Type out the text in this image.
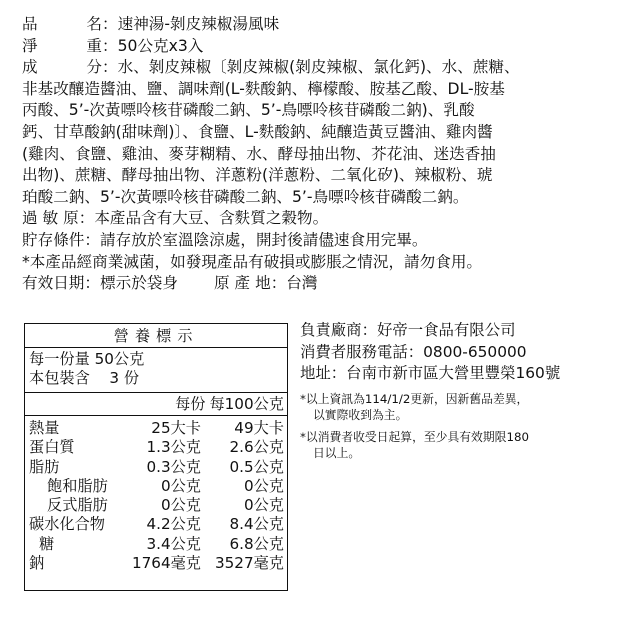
品	名 ： 速神湯-剝皮辣椒湯風味
淨	重 ： 50公克x3入
成	分 ： 水、剝皮辣椒〔剝皮辣椒(剝皮辣椒、氯化鈣)、水、蔗糖、
非基改釀造醬油、鹽、調味劑(L-麩酸鈉、檸檬酸、胺基乙酸、DL-胺基
丙酸、5’-次黃嘌呤核苷磷酸二鈉、5’-鳥嘌呤核苷磷酸二鈉)、乳酸
鈣、甘草酸鈉(甜味劑)〕、食鹽、L-麩酸鈉、純釀造黃豆醬油、雞肉醬
(雞肉、食鹽、雞油、麥芽糊精、水、酵母抽出物、芥花油、迷迭香抽
出物)、蔗糖、酵母抽出物、洋蔥粉(洋蔥粉、二氧化矽)、辣椒粉、琥
珀酸二鈉、5’-次黃嘌呤核苷磷酸二鈉、5’-鳥嘌呤核苷磷酸二鈉。
過 敏 原 ： 本產品含有大豆、含麩質之穀物。
貯存條件 ： 請存放於室溫陰涼處，開封後請儘速食用完畢。
*本產品經商業滅菌，如發現產品有破損或膨脹之情況，請勿食用。
有效日期 ： 標示於袋身 原 產 地 ： 台灣
營養標示
每一份量 50公克
本包裝含 3 份
每份 每100公克
熱量	25大卡	49大卡
蛋白質	1.3公克	2.6公克
脂肪	0.3公克	0.5公克
飽和脂肪	0公克	0公克
反式脂肪	0公克	0公克
碳水化合物	4.2公克	8.4公克
糖	3.4公克	6.8公克
鈉	1764毫克 3527毫克
負責廠商：好帝一食品有限公司
消費者服務電話：0800-650000
地址：台南市新市區大營里豐榮160號
*以上資訊為114/1/2更新，因新舊品差異，
以實際收到為主。
*以消費者收受日起算，至少具有效期限180
日以上。
